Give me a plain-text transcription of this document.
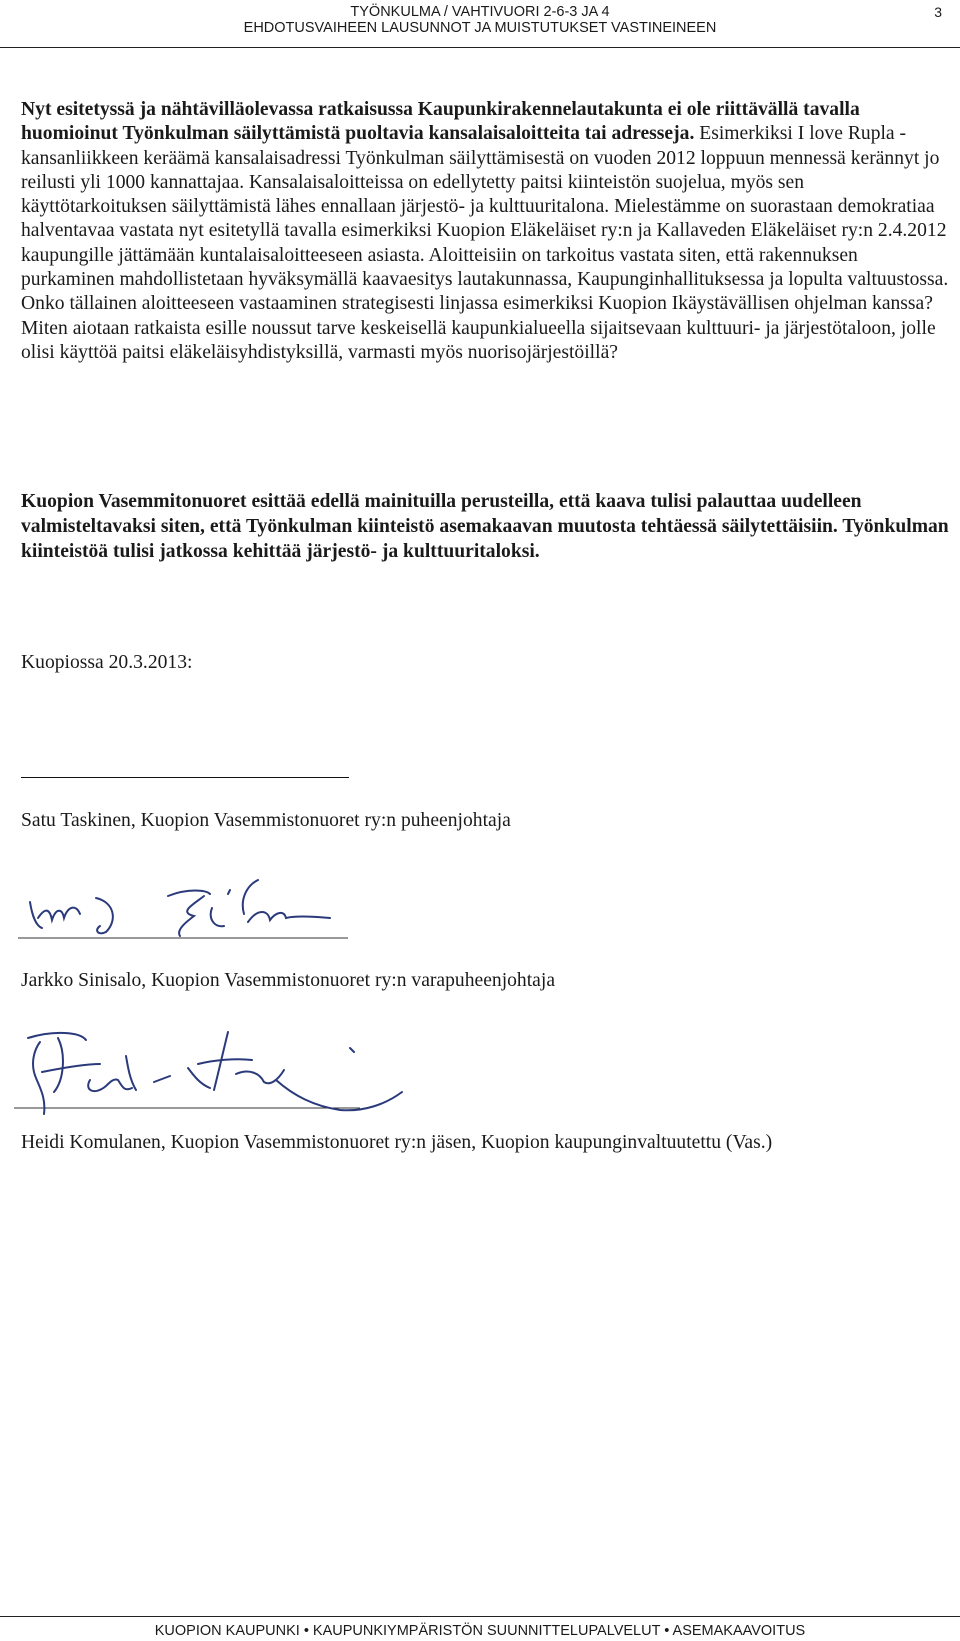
TYÖNKULMA / VAHTIVUORI 2-6-3 JA 4
EHDOTUSVAIHEEN LAUSUNNOT JA MUISTUTUKSET VASTINEINEEN
3

Nyt esitetyssä ja nähtävilläolevassa ratkaisussa Kaupunkirakennelautakunta ei ole riittävällä tavalla huomioinut Työnkulman säilyttämistä puoltavia kansalaisaloitteita tai adresseja. Esimerkiksi I love Rupla -kansanliikkeen keräämä kansalaisadressi Työnkulman säilyttämisestä on vuoden 2012 loppuun mennessä kerännyt jo reilusti yli 1000 kannattajaa. Kansalaisaloitteissa on edellytetty paitsi kiinteistön suojelua, myös sen käyttötarkoituksen säilyttämistä lähes ennallaan järjestö- ja kulttuuritalona. Mielestämme on suorastaan demokratiaa halventavaa vastata nyt esitetyllä tavalla esimerkiksi Kuopion Eläkeläiset ry:n ja Kallaveden Eläkeläiset ry:n 2.4.2012 kaupungille jättämään kuntalaisaloitteeseen asiasta. Aloitteisiin on tarkoitus vastata siten, että rakennuksen purkaminen mahdollistetaan hyväksymällä kaavaesitys lautakunnassa, Kaupunginhallituksessa ja lopulta valtuustossa. Onko tällainen aloitteeseen vastaaminen strategisesti linjassa esimerkiksi Kuopion Ikäystävällisen ohjelman kanssa? Miten aiotaan ratkaista esille noussut tarve keskeisellä kaupunkialueella sijaitsevaan kulttuuri- ja järjestötaloon, jolle olisi käyttöä paitsi eläkeläisyhdistyksillä, varmasti myös nuorisojärjestöillä?

Kuopion Vasemmitonuoret esittää edellä mainituilla perusteilla, että kaava tulisi palauttaa uudelleen valmisteltavaksi siten, että Työnkulman kiinteistö asemakaavan muutosta tehtäessä säilytettäisiin. Työnkulman kiinteistöä tulisi jatkossa kehittää järjestö- ja kulttuuritaloksi.

Kuopiossa 20.3.2013:
Satu Taskinen, Kuopion Vasemmistonuoret ry:n puheenjohtaja
Jarkko Sinisalo, Kuopion Vasemmistonuoret ry:n varapuheenjohtaja
Heidi Komulanen, Kuopion Vasemmistonuoret ry:n jäsen, Kuopion kaupunginvaltuutettu (Vas.)
KUOPION KAUPUNKI • KAUPUNKIYMPÄRISTÖN SUUNNITTELUPALVELUT • ASEMAKAAVOITUS
